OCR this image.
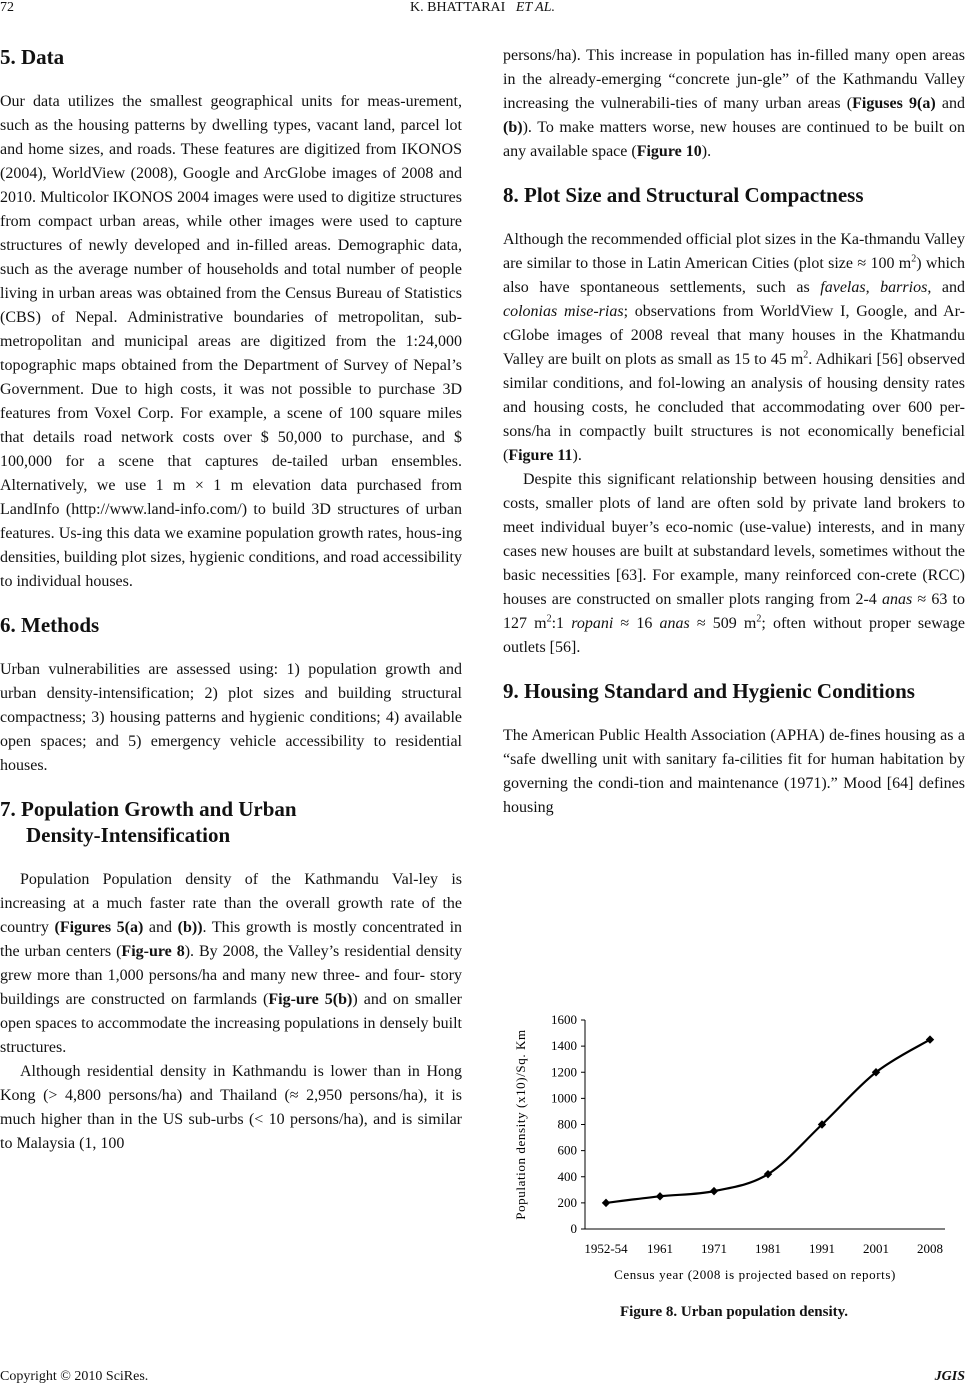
72	K. BHATTARAI ET AL.
5. Data

Our data utilizes the smallest geographical units for meas-urement, such as the housing patterns by dwelling types, vacant land, parcel lot and home sizes, and roads. These features are digitized from IKONOS (2004), WorldView (2008), Google and ArcGlobe images of 2008 and 2010. Multicolor IKONOS 2004 images were used to digitize structures from compact urban areas, while other images were used to capture structures of newly developed and in-filled areas. Demographic data, such as the average number of households and total number of people living in urban areas was obtained from the Census Bureau of Statistics (CBS) of Nepal. Administrative boundaries of metropolitan, sub-metropolitan and municipal areas are digitized from the 1:24,000 topographic maps obtained from the Department of Survey of Nepal’s Government. Due to high costs, it was not possible to purchase 3D features from Voxel Corp. For example, a scene of 100 square miles that details road network costs over $ 50,000 to purchase, and $ 100,000 for a scene that captures de-tailed urban ensembles. Alternatively, we use 1 m × 1 m elevation data purchased from LandInfo (http://www.land-info.com/) to build 3D structures of urban features. Us-ing this data we examine population growth rates, hous-ing densities, building plot sizes, hygienic conditions, and road accessibility to individual houses.

6. Methods

Urban vulnerabilities are assessed using: 1) population growth and urban density-intensification; 2) plot sizes and building structural compactness; 3) housing patterns and hygienic conditions; 4) available open spaces; and 5) emergency vehicle accessibility to residential houses.

7. Population Growth and Urban
Density-Intensification

Population Population density of the Kathmandu Val-ley is increasing at a much faster rate than the overall growth rate of the country (Figures 5(a) and (b)). This growth is mostly concentrated in the urban centers (Fig-ure 8). By 2008, the Valley’s residential density grew more than 1,000 persons/ha and many new three- and four- story buildings are constructed on farmlands (Fig-ure 5(b)) and on smaller open spaces to accommodate the increasing populations in densely built structures.

Although residential density in Kathmandu is lower than in Hong Kong (> 4,800 persons/ha) and Thailand (≈ 2,950 persons/ha), it is much higher than in the US sub-urbs (< 10 persons/ha), and is similar to Malaysia (1, 100

persons/ha). This increase in population has in-filled many open areas in the already-emerging “concrete jun-gle” of the Kathmandu Valley increasing the vulnerabili-ties of many urban areas (Figuses 9(a) and (b)). To make matters worse, new houses are continued to be built on any available space (Figure 10).

8. Plot Size and Structural Compactness

Although the recommended official plot sizes in the Ka-thmandu Valley are similar to those in Latin American Cities (plot size ≈ 100 $m^2$) which also have spontaneous settlements, such as favelas, barrios, and colonias mise-rias; observations from WorldView I, Google, and Ar-cGlobe images of 2008 reveal that many houses in the Khatmandu Valley are built on plots as small as 15 to 45 $m^2$. Adhikari [56] observed similar conditions, and fol-lowing an analysis of housing density rates and housing costs, he concluded that accommodating over 600 per-sons/ha in compactly built structures is not economically beneficial (Figure 11).

Despite this significant relationship between housing densities and costs, smaller plots of land are often sold by private land brokers to meet individual buyer’s eco-nomic (use-value) interests, and in many cases new houses are built at substandard levels, sometimes without the basic necessities [63]. For example, many reinforced con-crete (RCC) houses are constructed on smaller plots ranging from 2-4 anas ≈ 63 to 127 $m^2:1$ ropani ≈ 16 anas ≈ 509 $m^2$; often without proper sewage outlets [56].

9. Housing Standard and Hygienic Conditions

The American Public Health Association (APHA) de-fines housing as a “safe dwelling unit with sanitary fa-cilities fit for human habitation by governing the condi-tion and maintenance (1971).” Mood [64] defines housing

0
200
400
600
800
1000
1200
1400
1600
1952-54 1961 1971 1981 1991 2001 2008
Census year (2008 is projected based on reports)
Population density (x10)/Sq. Km
Figure 8. Urban population density.
Copyright © 2010 SciRes.	JGIS
